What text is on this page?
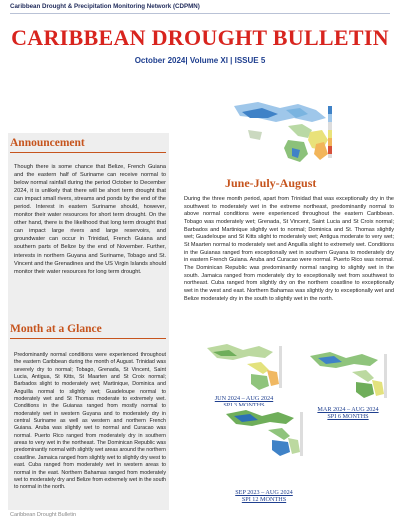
Caribbean Drought & Precipitation Monitoring Network (CDPMN)
CARIBBEAN DROUGHT BULLETIN
October 2024| Volume XI | ISSUE 5
Announcement
Though there is some chance that Belize, French Guiana and the eastern half of Suriname can receive normal to below normal rainfall during the period October to December 2024, it is unlikely that there will be short term drought that can impact small rivers, streams and ponds by the end of the period. Interest in eastern Suriname should, however, monitor their water resources for short term drought. On the other hand, there is the likelihood that long term drought that can impact large rivers and large reservoirs, and groundwater can occur in Trinidad, French Guiana and southern parts of Belize by the end of November. Further, interests in northern Guyana and Suriname, Tobago and St. Vincent and the Grenadines and the US Virgin Islands should monitor their water resources for long term drought.
Month at a Glance
Predominantly normal conditions were experienced throughout the eastern Caribbean during the month of August. Trinidad was severely dry to normal; Tobago, Grenada, St Vincent, Saint Lucia, Antigua, St Kitts, St Maarten and St Croix normal; Barbados slight to moderately wet; Martinique, Dominica and Anguilla normal to slightly wet; Guadeloupe normal to moderately wet and St Thomas moderate to extremely wet. Conditions in the Guianas ranged from mostly normal to moderately wet in western Guyana and to moderately dry in central Suriname as well as western and northern French Guiana. Aruba was slightly wet to normal and Curacao was normal. Puerto Rico ranged from moderately dry in southern areas to very wet in the northeast. The Dominican Republic was predominantly normal with slightly wet areas around the northern coastline. Jamaica ranged from slightly wet to slightly dry west to east. Cuba ranged from moderately wet in western areas to normal in the east. Northern Bahamas ranged from moderately wet to moderately dry and Belize from extremely wet in the south to normal in the north.
June-July-August
During the three month period, apart from Trinidad that was exceptionally dry in the southwest to moderately wet in the extreme northeast, predominantly normal to above normal conditions were experienced throughout the eastern Caribbean. Tobago was moderately wet; Grenada, St Vincent, Saint Lucia and St Croix normal; Barbados and Martinique slightly wet to normal; Dominica and St. Thomas slightly wet; Guadeloupe and St Kitts slight to moderately wet; Antigua moderate to very wet; St Maarten normal to moderately wet and Anguilla slight to extremely wet. Conditions in the Guianas ranged from exceptionally wet in southern Guyana to moderately dry in eastern French Guiana. Aruba and Curacao were normal. Puerto Rico was normal. The Dominican Republic was predominantly normal ranging to slightly wet in the south. Jamaica ranged from moderately dry to exceptionally wet from southwest to northeast. Cuba ranged from slightly dry on the northern coastline to exceptionally wet in the west and east. Northern Bahamas was slightly dry to exceptionally wet and Belize moderately dry in the south to slightly wet in the north.
JUN 2024 – AUG 2024
MAR 2024 – AUG 2024
SPI 6 MONTHS
SEP 2023 – AUG 2024
SPI 12 MONTHS
Caribbean Drought Bulletin
